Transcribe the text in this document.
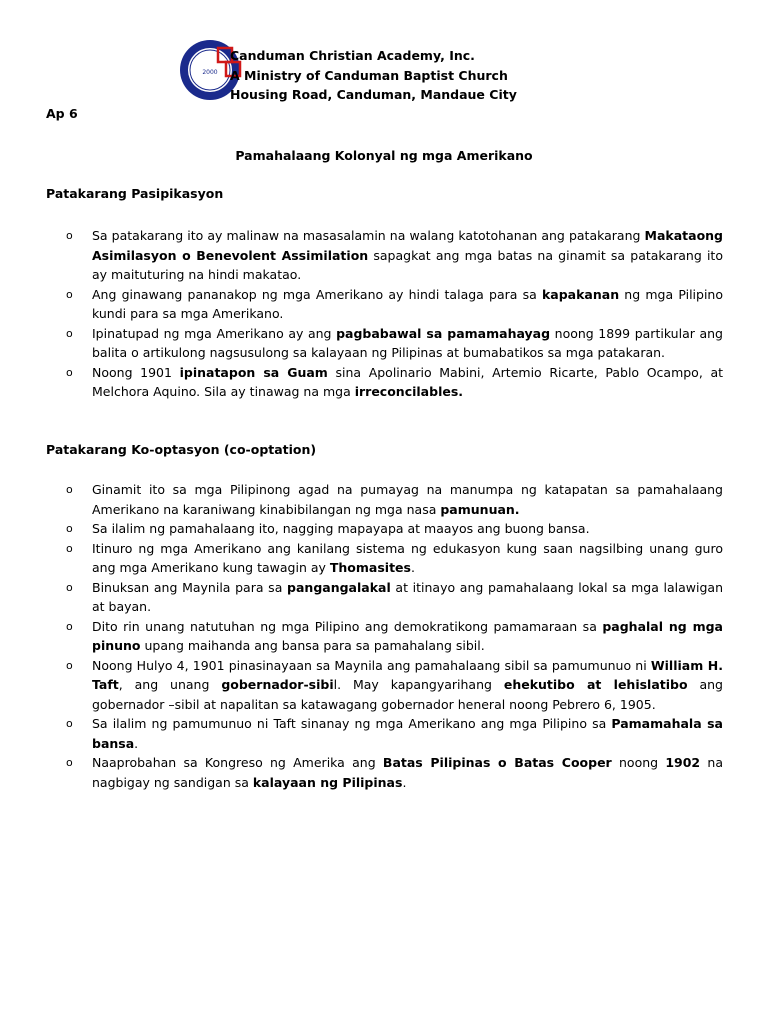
2000
Canduman Christian Academy, Inc.
A Ministry of Canduman Baptist Church
Housing Road, Canduman, Mandaue City
Ap 6
Pamahalaang Kolonyal ng mga Amerikano
Patakarang Pasipikasyon
o Sa patakarang ito ay malinaw na masasalamin na walang katotohanan ang patakarang Makataong Asimilasyon o Benevolent Assimilation sapagkat ang mga batas na ginamit sa patakarang ito ay maituturing na hindi makatao.
o Ang ginawang pananakop ng mga Amerikano ay hindi talaga para sa kapakanan ng mga Pilipino kundi para sa mga Amerikano.
o Ipinatupad ng mga Amerikano ay ang pagbabawal sa pamamahayag noong 1899 partikular ang balita o artikulong nagsusulong sa kalayaan ng Pilipinas at bumabatikos sa mga patakaran.
o Noong 1901 ipinatapon sa Guam sina Apolinario Mabini, Artemio Ricarte, Pablo Ocampo, at Melchora Aquino. Sila ay tinawag na mga irreconcilables.
Patakarang Ko-optasyon (co-optation)
o Ginamit ito sa mga Pilipinong agad na pumayag na manumpa ng katapatan sa pamahalaang Amerikano na karaniwang kinabibilangan ng mga nasa pamunuan.
o Sa ilalim ng pamahalaang ito, nagging mapayapa at maayos ang buong bansa.
o Itinuro ng mga Amerikano ang kanilang sistema ng edukasyon kung saan nagsilbing unang guro ang mga Amerikano kung tawagin ay Thomasites.
o Binuksan ang Maynila para sa pangangalakal at itinayo ang pamahalaang lokal sa mga lalawigan at bayan.
o Dito rin unang natutuhan ng mga Pilipino ang demokratikong pamamaraan sa paghalal ng mga pinuno upang maihanda ang bansa para sa pamahalang sibil.
o Noong Hulyo 4, 1901 pinasinayaan sa Maynila ang pamahalaang sibil sa pamumunuo ni William H. Taft, ang unang gobernador-sibil. May kapangyarihang ehekutibo at lehislatibo ang gobernador –sibil at napalitan sa katawagang gobernador heneral noong Pebrero 6, 1905.
o Sa ilalim ng pamumunuo ni Taft sinanay ng mga Amerikano ang mga Pilipino sa Pamamahala sa bansa.
o Naaprobahan sa Kongreso ng Amerika ang Batas Pilipinas o Batas Cooper noong 1902 na nagbigay ng sandigan sa kalayaan ng Pilipinas.
